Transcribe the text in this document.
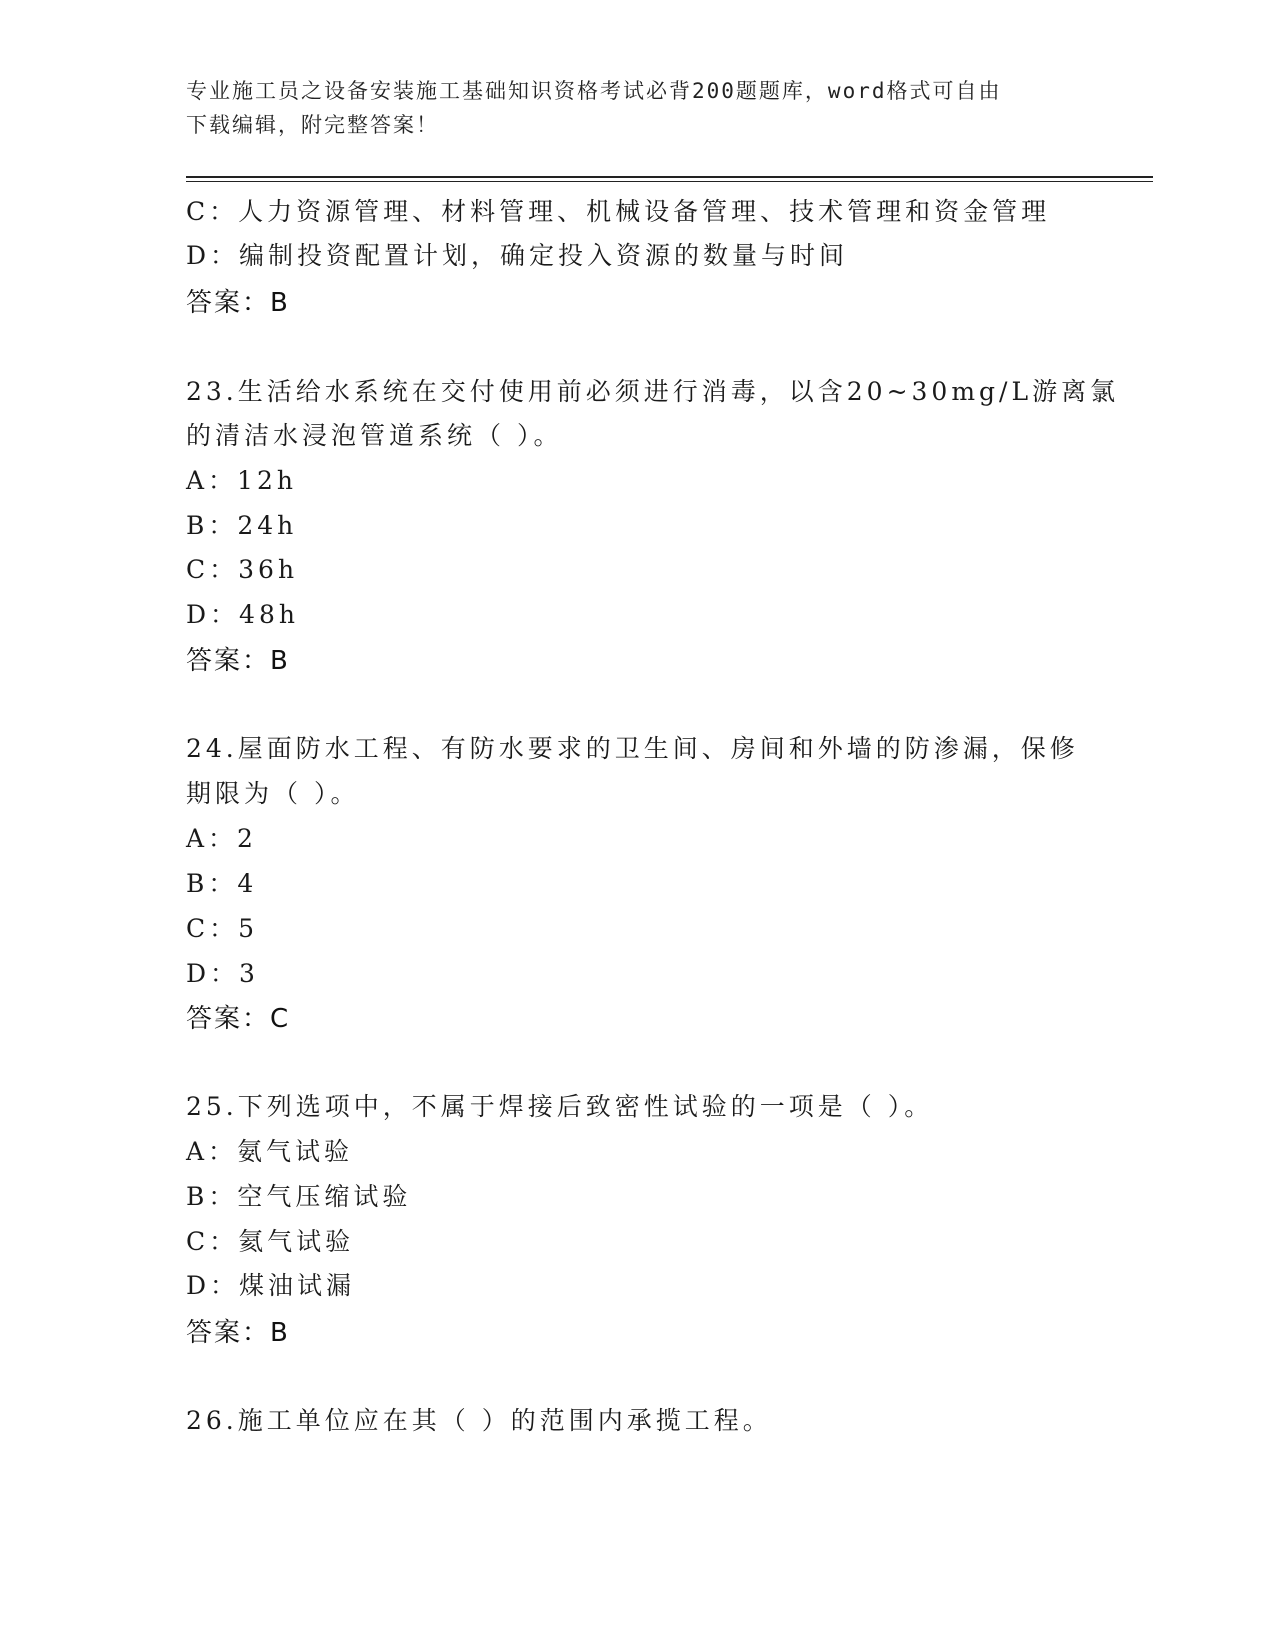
专业施工员之设备安装施工基础知识资格考试必背200题题库，word格式可自由
下载编辑，附完整答案！
C：人力资源管理、材料管理、机械设备管理、技术管理和资金管理
D：编制投资配置计划，确定投入资源的数量与时间
答案：B
23.生活给水系统在交付使用前必须进行消毒，以含20~30mg/L游离氯
的清洁水浸泡管道系统（ ）。
A：12h
B：24h
C：36h
D：48h
答案：B
24.屋面防水工程、有防水要求的卫生间、房间和外墙的防渗漏，保修
期限为（ ）。
A：2
B：4
C：5
D：3
答案：C
25.下列选项中，不属于焊接后致密性试验的一项是（ ）。
A：氨气试验
B：空气压缩试验
C：氦气试验
D：煤油试漏
答案：B
26.施工单位应在其（ ）的范围内承揽工程。
